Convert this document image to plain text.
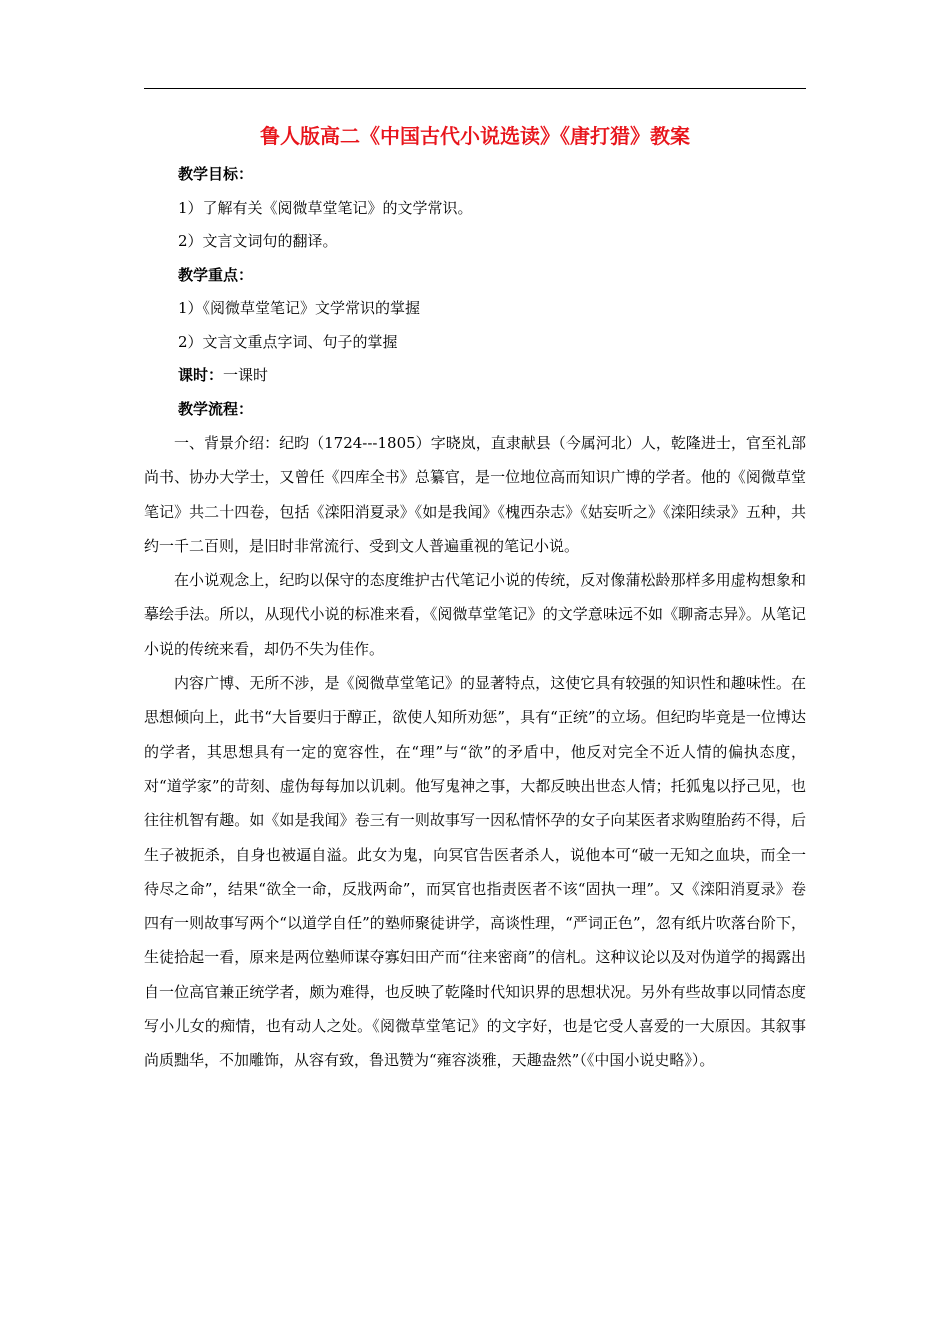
鲁人版高二《中国古代小说选读》《唐打猎》教案
教学目标：
1）了解有关《阅微草堂笔记》的文学常识。
2）文言文词句的翻译。
教学重点：
1）《阅微草堂笔记》文学常识的掌握
2）文言文重点字词、句子的掌握
课时：一课时
教学流程：

一、背景介绍：纪昀（1724---1805）字晓岚，直隶献县（今属河北）人，乾隆进士，官至礼部尚书、协办大学士，又曾任《四库全书》总纂官，是一位地位高而知识广博的学者。他的《阅微草堂笔记》共二十四卷，包括《滦阳消夏录》《如是我闻》《槐西杂志》《姑妄听之》《滦阳续录》五种，共约一千二百则，是旧时非常流行、受到文人普遍重视的笔记小说。

在小说观念上，纪昀以保守的态度维护古代笔记小说的传统，反对像蒲松龄那样多用虚构想象和摹绘手法。所以，从现代小说的标准来看，《阅微草堂笔记》的文学意味远不如《聊斋志异》。从笔记小说的传统来看，却仍不失为佳作。

内容广博、无所不涉，是《阅微草堂笔记》的显著特点，这使它具有较强的知识性和趣味性。在思想倾向上，此书“大旨要归于醇正，欲使人知所劝惩”，具有“正统”的立场。但纪昀毕竟是一位博达的学者，其思想具有一定的宽容性，在“理”与“欲”的矛盾中，他反对完全不近人情的偏执态度，对“道学家”的苛刻、虚伪每每加以讥刺。他写鬼神之事，大都反映出世态人情；托狐鬼以抒己见，也往往机智有趣。如《如是我闻》卷三有一则故事写一因私情怀孕的女子向某医者求购堕胎药不得，后生子被扼杀，自身也被逼自溢。此女为鬼，向冥官告医者杀人，说他本可“破一无知之血块，而全一待尽之命”，结果“欲全一命，反戕两命”，而冥官也指责医者不该“固执一理”。又《滦阳消夏录》卷四有一则故事写两个“以道学自任”的塾师聚徒讲学，高谈性理，“严词正色”，忽有纸片吹落台阶下，生徒拾起一看，原来是两位塾师谋夺寡妇田产而“往来密商”的信札。这种议论以及对伪道学的揭露出自一位高官兼正统学者，颇为难得，也反映了乾隆时代知识界的思想状况。另外有些故事以同情态度写小儿女的痴情，也有动人之处。《阅微草堂笔记》的文字好，也是它受人喜爱的一大原因。其叙事尚质黜华，不加雕饰，从容有致，鲁迅赞为“雍容淡雅，天趣盎然”（《中国小说史略》）。
